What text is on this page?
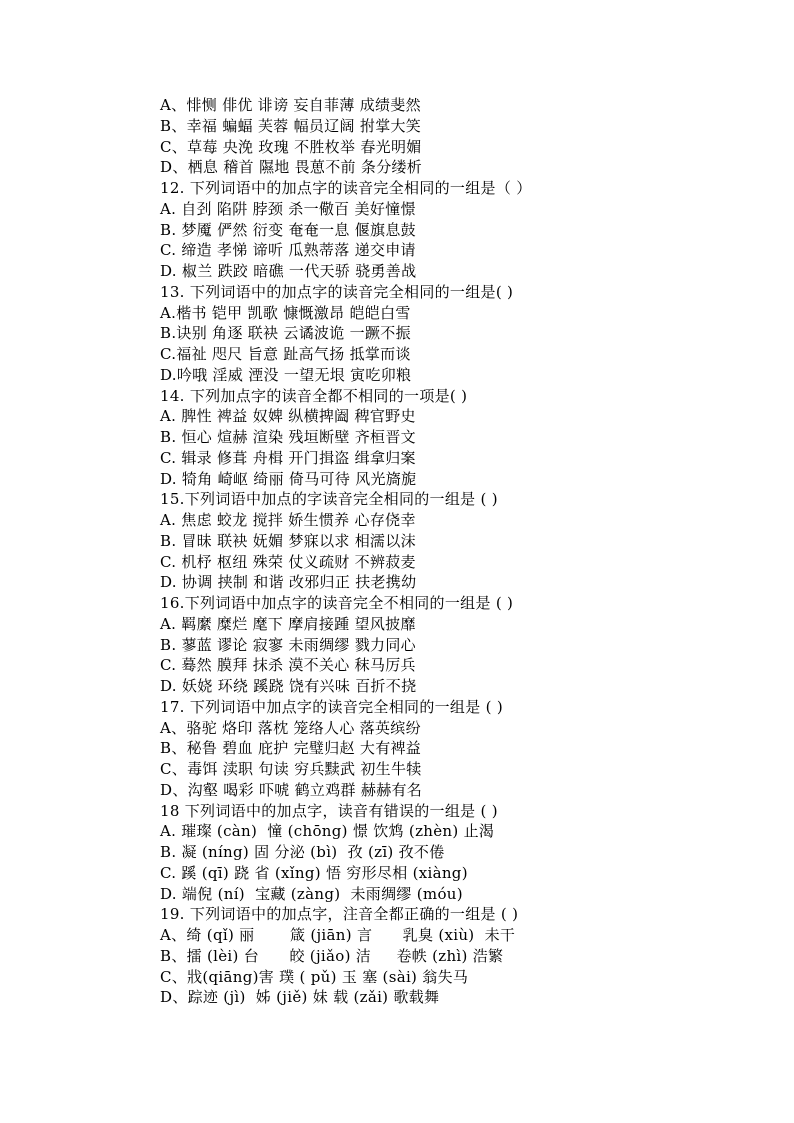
A、悱恻 俳优 诽谤 妄自菲薄 成绩斐然
B、幸福 蝙蝠 芙蓉 幅员辽阔 拊掌大笑
C、草莓 央浼 玫瑰 不胜枚举 春光明媚
D、栖息 稽首 隰地 畏葸不前 条分缕析
12. 下列词语中的加点字的读音完全相同的一组是（ ）
A. 自刭 陷阱 脖颈 杀一儆百 美好憧憬
B. 梦魇 俨然 衍变 奄奄一息 偃旗息鼓
C. 缔造 孝悌 谛听 瓜熟蒂落 递交申请
D. 椒兰 跌跤 暗礁 一代天骄 骁勇善战
13. 下列词语中的加点字的读音完全相同的一组是( )
A.楷书 铠甲 凯歌 慷慨激昂 皑皑白雪
B.诀别 角逐 联袂 云谲波诡 一蹶不振
C.福祉 咫尺 旨意 趾高气扬 抵掌而谈
D.吟哦 淫威 湮没 一望无垠 寅吃卯粮
14. 下列加点字的读音全都不相同的一项是( )
A. 脾性 裨益 奴婢 纵横捭阖 稗官野史
B. 恒心 煊赫 渲染 残垣断壁 齐桓晋文
C. 辑录 修葺 舟楫 开门揖盗 缉拿归案
D. 犄角 崎岖 绮丽 倚马可待 风光旖旎
15.下列词语中加点的字读音完全相同的一组是 ( )
A. 焦虑 蛟龙 搅拌 娇生惯养 心存侥幸
B. 冒昧 联袂 妩媚 梦寐以求 相濡以沫
C. 机杼 枢纽 殊荣 仗义疏财 不辨菽麦
D. 协调 挟制 和谐 改邪归正 扶老携幼
16.下列词语中加点字的读音完全不相同的一组是 ( )
A. 羁縻 糜烂 麾下 摩肩接踵 望风披靡
B. 蓼蓝 谬论 寂寥 未雨绸缪 戮力同心
C. 蓦然 膜拜 抹杀 漠不关心 秣马厉兵
D. 妖娆 环绕 蹊跷 饶有兴味 百折不挠
17. 下列词语中加点字的读音完全相同的一组是 ( )
A、骆驼 烙印 落枕 笼络人心 落英缤纷
B、秘鲁 碧血 庇护 完璧归赵 大有裨益
C、毒饵 渎职 句读 穷兵黩武 初生牛犊
D、沟壑 喝彩 吓唬 鹤立鸡群 赫赫有名
18 下列词语中的加点字，读音有错误的一组是 ( )
A. 璀璨 (càn)  憧 (chōng) 憬 饮鸩 (zhèn) 止渴
B. 凝 (níng) 固 分泌 (bì)  孜 (zī) 孜不倦
C. 蹊 (qī) 跷 省 (xǐng) 悟 穷形尽相 (xiàng)
D. 端倪 (ní)  宝藏 (zàng)  未雨绸缪 (móu)
19. 下列词语中的加点字，注音全都正确的一组是 ( )
A、绮 (qǐ) 丽       箴 (jiān) 言      乳臭 (xiù)  未干
B、擂 (lèi) 台      皎 (jiǎo) 洁     卷帙 (zhì) 浩繁
C、戕(qiāng)害 璞 ( pǔ) 玉 塞 (sài) 翁失马
D、踪迹 (jì)  姊 (jiě) 妹 载 (zǎi) 歌载舞
